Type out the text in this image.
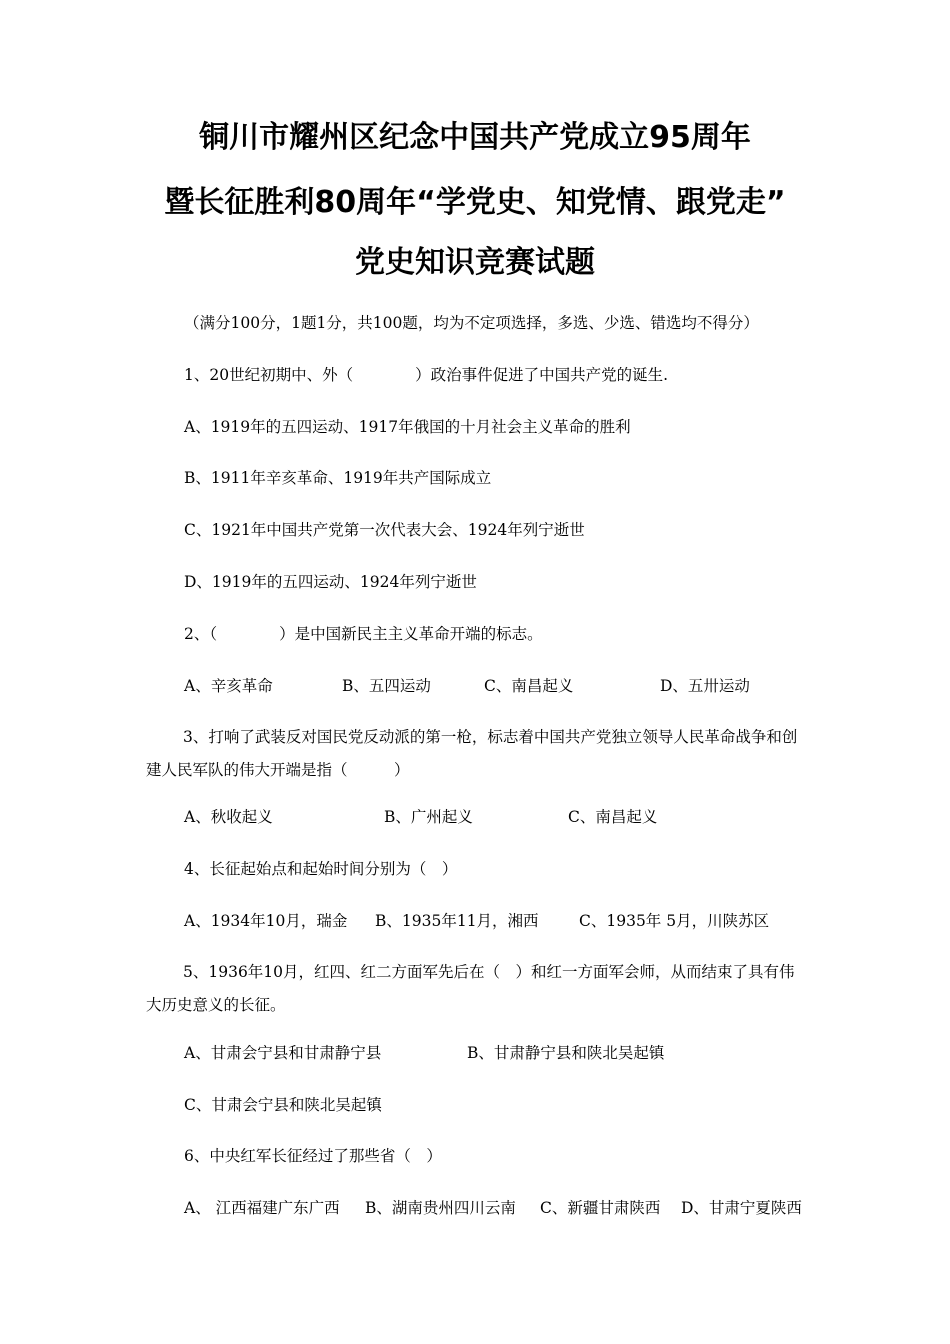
铜川市耀州区纪念中国共产党成立95周年
暨长征胜利80周年“学党史、知党情、跟党走”
党史知识竞赛试题
（满分100分，1题1分，共100题，均为不定项选择，多选、少选、错选均不得分）
1、20世纪初期中、外（　　　　）政治事件促进了中国共产党的诞生.
A、1919年的五四运动、1917年俄国的十月社会主义革命的胜利
B、1911年辛亥革命、1919年共产国际成立
C、1921年中国共产党第一次代表大会、1924年列宁逝世
D、1919年的五四运动、1924年列宁逝世
2、（　　　　）是中国新民主主义革命开端的标志。
A、辛亥革命	B、五四运动	C、南昌起义	D、五卅运动
3、打响了武装反对国民党反动派的第一枪，标志着中国共产党独立领导人民革命战争和创建人民军队的伟大开端是指（　　　）
A、秋收起义	B、广州起义	C、南昌起义
4、长征起始点和起始时间分别为（　）
A、1934年10月，瑞金 B、1935年11月，湘西	C、1935年 5月，川陕苏区
5、1936年10月，红四、红二方面军先后在（　）和红一方面军会师，从而结束了具有伟大历史意义的长征。
A、甘肃会宁县和甘肃静宁县	B、甘肃静宁县和陕北吴起镇
C、甘肃会宁县和陕北吴起镇
6、中央红军长征经过了那些省（　）
A、 江西福建广东广西 B、湖南贵州四川云南 C、新疆甘肃陕西 D、甘肃宁夏陕西
